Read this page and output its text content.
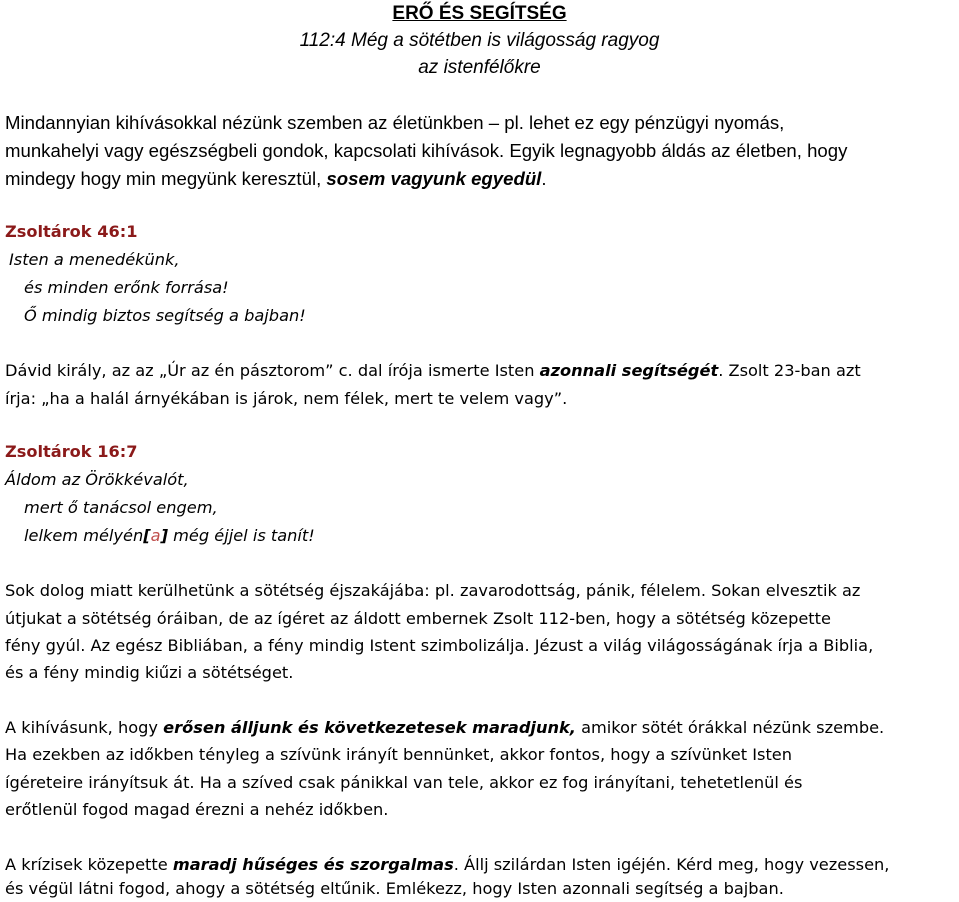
ERŐ ÉS SEGÍTSÉG
112:4 Még a sötétben is világosság ragyog
az istenfélőkre
Mindannyian kihívásokkal nézünk szemben az életünkben – pl. lehet ez egy pénzügyi nyomás,
munkahelyi vagy egészségbeli gondok, kapcsolati kihívások. Egyik legnagyobb áldás az életben, hogy
mindegy hogy min megyünk keresztül, sosem vagyunk egyedül.
Zsoltárok 46:1
Isten a menedékünk,
és minden erőnk forrása!
Ő mindig biztos segítség a bajban!
Dávid király, az az „Úr az én pásztorom” c. dal írója ismerte Isten azonnali segítségét. Zsolt 23-ban azt
írja: „ha a halál árnyékában is járok, nem félek, mert te velem vagy”.
Zsoltárok 16:7
Áldom az Örökkévalót,
mert ő tanácsol engem,
lelkem mélyén[a] még éjjel is tanít!
Sok dolog miatt kerülhetünk a sötétség éjszakájába: pl. zavarodottság, pánik, félelem. Sokan elvesztik az
útjukat a sötétség óráiban, de az ígéret az áldott embernek Zsolt 112-ben, hogy a sötétség közepette
fény gyúl. Az egész Bibliában, a fény mindig Istent szimbolizálja. Jézust a világ világosságának írja a Biblia,
és a fény mindig kiűzi a sötétséget.
A kihívásunk, hogy erősen álljunk és következetesek maradjunk, amikor sötét órákkal nézünk szembe.
Ha ezekben az időkben tényleg a szívünk irányít bennünket, akkor fontos, hogy a szívünket Isten
ígéreteire irányítsuk át. Ha a szíved csak pánikkal van tele, akkor ez fog irányítani, tehetetlenül és
erőtlenül fogod magad érezni a nehéz időkben.
A krízisek közepette maradj hűséges és szorgalmas. Állj szilárdan Isten igéjén. Kérd meg, hogy vezessen,
és végül látni fogod, ahogy a sötétség eltűnik. Emlékezz, hogy Isten azonnali segítség a bajban.
